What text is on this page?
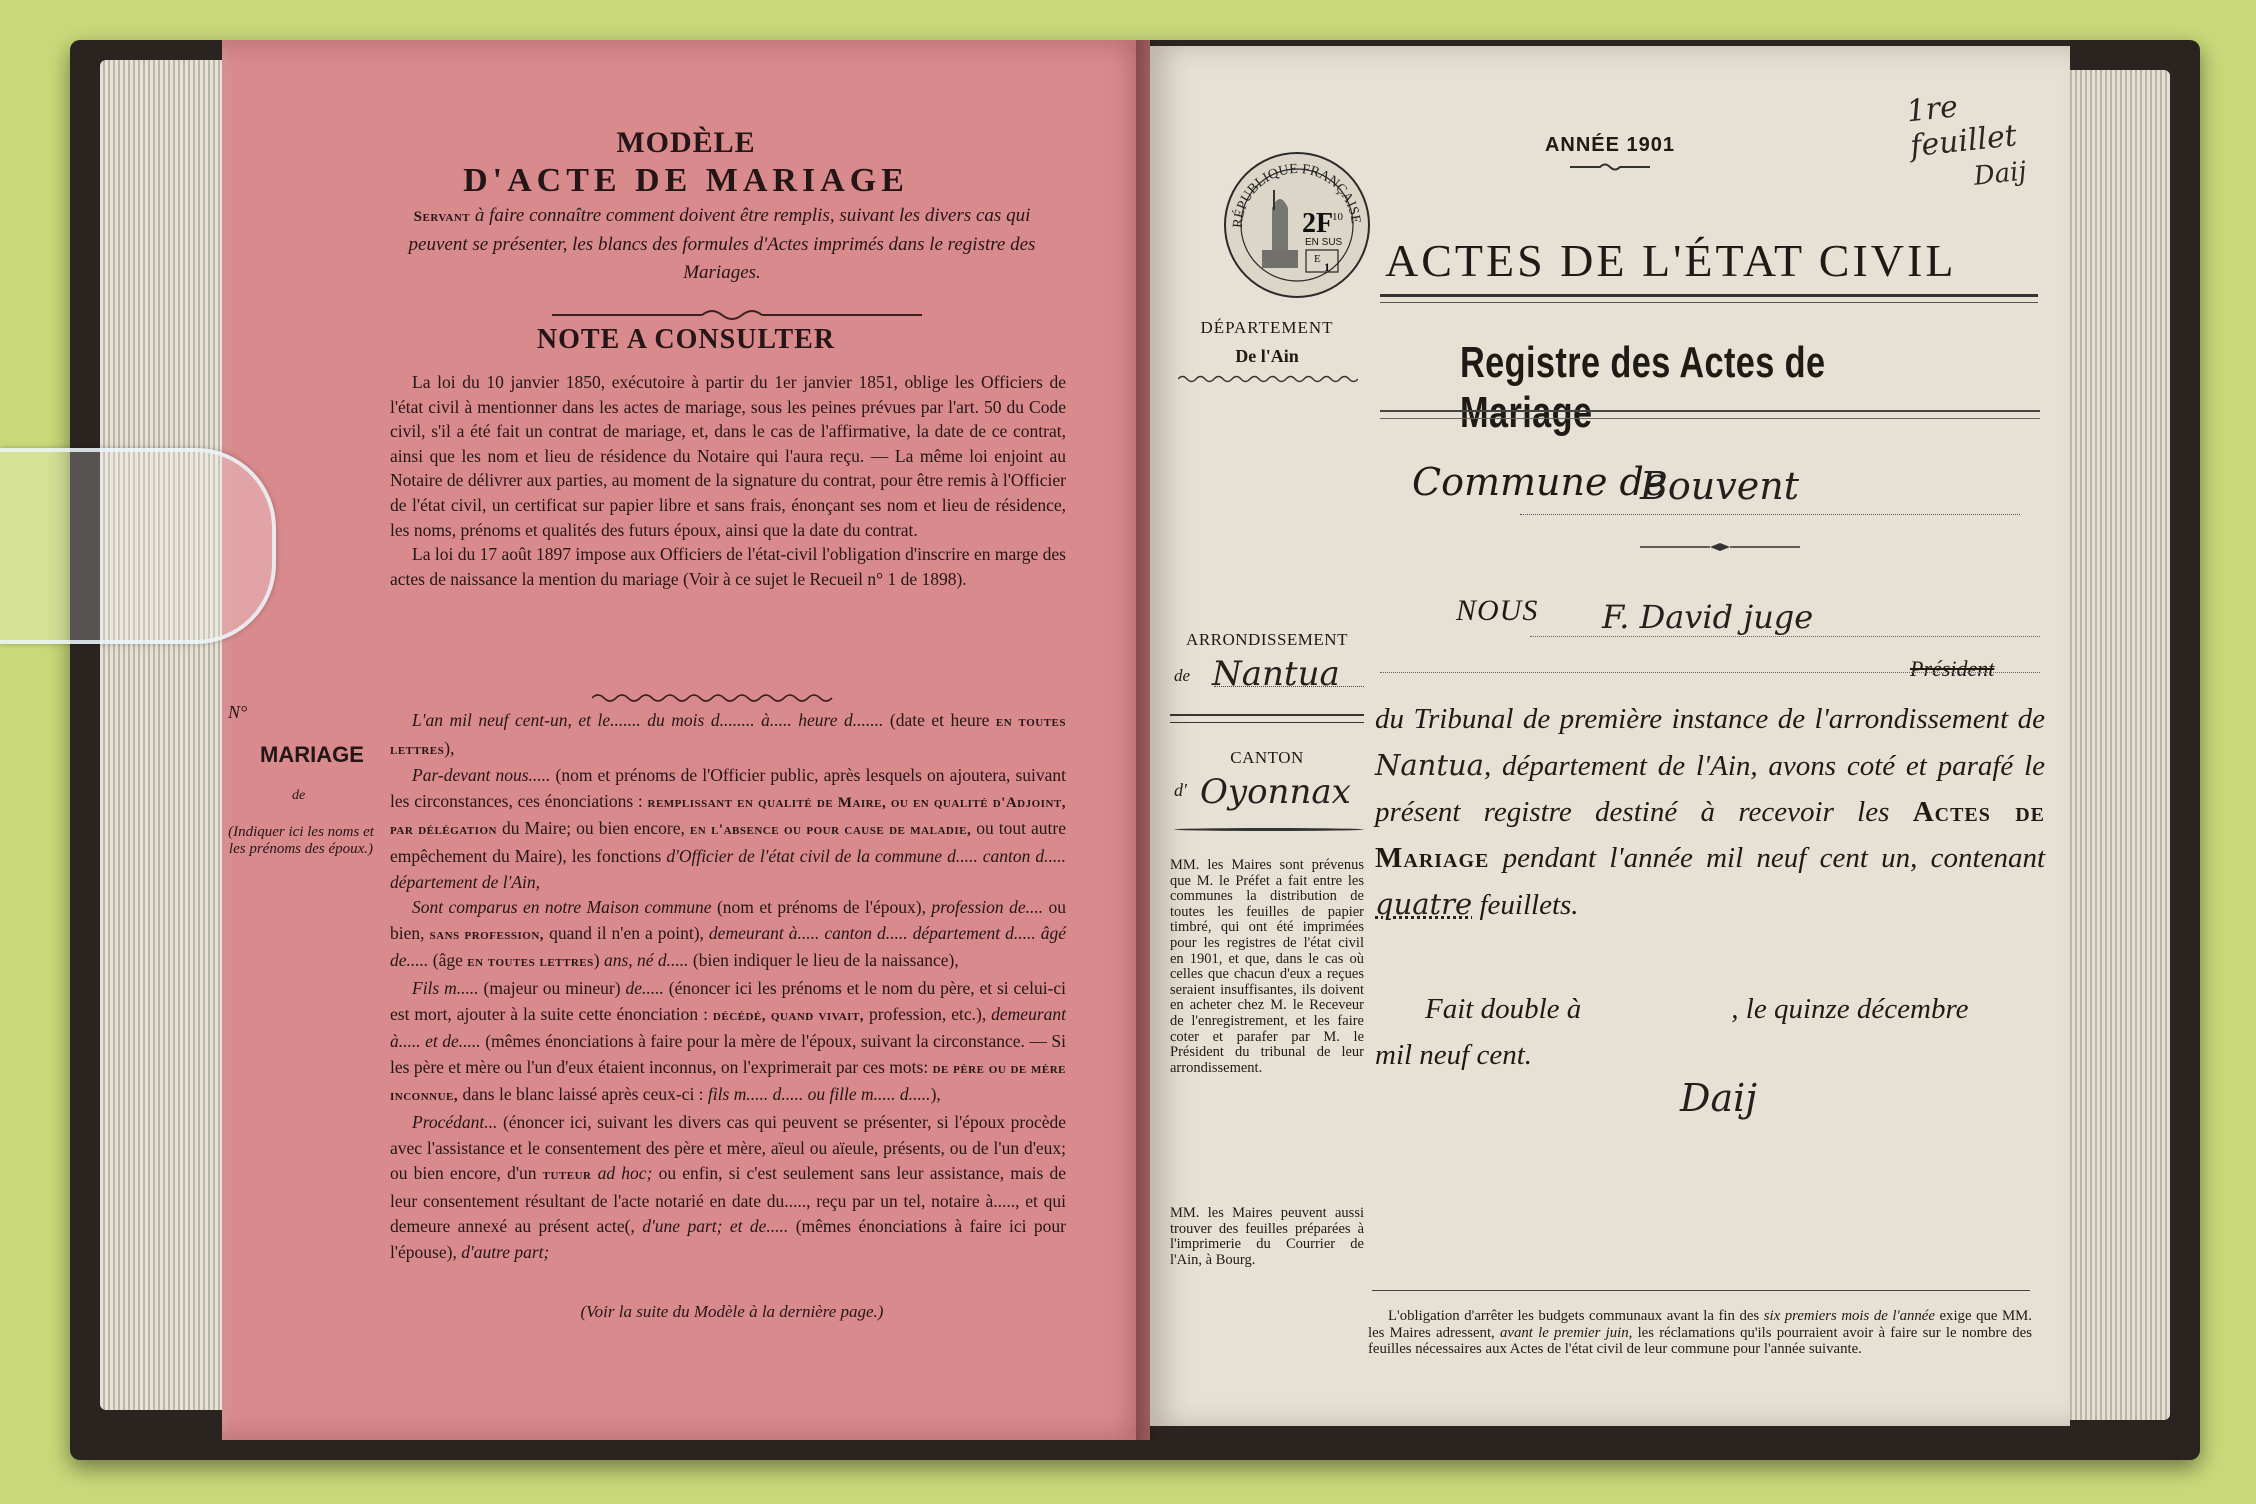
MODÈLE
D'ACTE DE MARIAGE
Servant à faire connaître comment doivent être remplis, suivant les divers cas qui peuvent se présenter, les blancs des formules d'Actes imprimés dans le registre des Mariages.
NOTE A CONSULTER

La loi du 10 janvier 1850, exécutoire à partir du 1er janvier 1851, oblige les Officiers de l'état civil à mentionner dans les actes de mariage, sous les peines prévues par l'art. 50 du Code civil, s'il a été fait un contrat de mariage, et, dans le cas de l'affirmative, la date de ce contrat, ainsi que les nom et lieu de résidence du Notaire qui l'aura reçu. — La même loi enjoint au Notaire de délivrer aux parties, au moment de la signature du contrat, pour être remis à l'Officier de l'état civil, un certificat sur papier libre et sans frais, énonçant ses nom et lieu de résidence, les noms, prénoms et qualités des futurs époux, ainsi que la date du contrat.

La loi du 17 août 1897 impose aux Officiers de l'état-civil l'obligation d'inscrire en marge des actes de naissance la mention du mariage (Voir à ce sujet le Recueil n° 1 de 1898).

N°
MARIAGE
de
(Indiquer ici les noms et les prénoms des époux.)

L'an mil neuf cent-un, et le....... du mois d........ à..... heure d....... (date et heure en toutes lettres),

Par-devant nous..... (nom et prénoms de l'Officier public, après lesquels on ajoutera, suivant les circonstances, ces énonciations : remplissant en qualité de Maire, ou en qualité d'Adjoint, par délégation du Maire; ou bien encore, en l'absence ou pour cause de maladie, ou tout autre empêchement du Maire), les fonctions d'Officier de l'état civil de la commune d..... canton d..... département de l'Ain,

Sont comparus en notre Maison commune (nom et prénoms de l'époux), profession de.... ou bien, sans profession, quand il n'en a point), demeurant à..... canton d..... département d..... âgé de..... (âge en toutes lettres) ans, né d..... (bien indiquer le lieu de la naissance),

Fils m..... (majeur ou mineur) de..... (énoncer ici les prénoms et le nom du père, et si celui-ci est mort, ajouter à la suite cette énonciation : décédé, quand vivait, profession, etc.), demeurant à..... et de..... (mêmes énonciations à faire pour la mère de l'époux, suivant la circonstance. — Si les père et mère ou l'un d'eux étaient inconnus, on l'exprimerait par ces mots: de père ou de mère inconnue, dans le blanc laissé après ceux-ci : fils m..... d..... ou fille m..... d.....),

Procédant... (énoncer ici, suivant les divers cas qui peuvent se présenter, si l'époux procède avec l'assistance et le consentement des père et mère, aïeul ou aïeule, présents, ou de l'un d'eux; ou bien encore, d'un tuteur ad hoc; ou enfin, si c'est seulement sans leur assistance, mais de leur consentement résultant de l'acte notarié en date du....., reçu par un tel, notaire à....., et qui demeure annexé au présent acte(, d'une part; et de..... (mêmes énonciations à faire ici pour l'épouse), d'autre part;

(Voir la suite du Modèle à la dernière page.)
1re feuillet
Daij
ANNÉE 1901
RÉPUBLIQUE FRANÇAISE
2F
10
EN SUS
E
1 ACTES DE L'ÉTAT CIVIL
DÉPARTEMENT
De l'Ain	Registre des Actes de Mariage
Commune de
Bouvent
ARRONDISSEMENT
de Nantua
NOUS F. David juge
Président
du Tribunal de première instance de l'arrondissement de Nantua, département de l'Ain, avons coté et parafé le présent registre destiné à recevoir les Actes de Mariage pendant l'année mil neuf cent un, contenant quatre feuillets.
CANTON
d' Oyonnax
MM. les Maires sont prévenus que M. le Préfet a fait entre les communes la distribution de toutes les feuilles de papier timbré, qui ont été imprimées pour les registres de l'état civil en 1901, et que, dans le cas où celles que chacun d'eux a reçues seraient insuffisantes, ils doivent en acheter chez M. le Receveur de l'enregistrement, et les faire coter et parafer par M. le Président du tribunal de leur arrondissement.
MM. les Maires peuvent aussi trouver des feuilles préparées à l'imprimerie du Courrier de l'Ain, à Bourg.
Fait double à	, le quinze décembre
mil neuf cent.
Daij
L'obligation d'arrêter les budgets communaux avant la fin des six premiers mois de l'année exige que MM. les Maires adressent, avant le premier juin, les réclamations qu'ils pourraient avoir à faire sur le nombre des feuilles nécessaires aux Actes de l'état civil de leur commune pour l'année suivante.
